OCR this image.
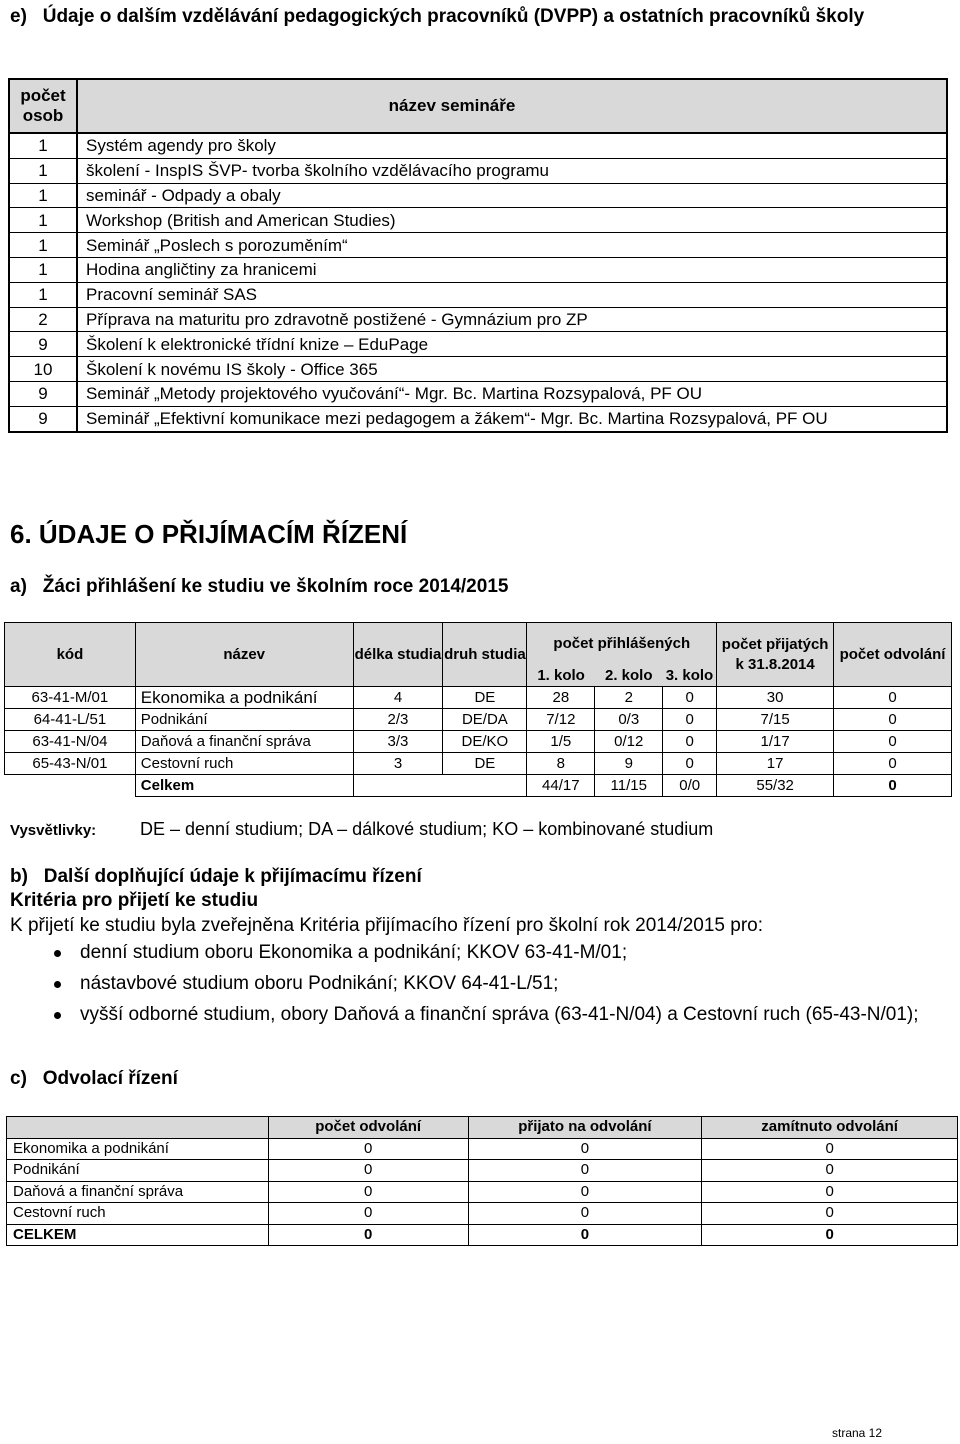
e)   Údaje o dalším vzdělávání pedagogických pracovníků (DVPP) a ostatních pracovníků školy
počet osob	název semináře
1	Systém agendy pro školy
1	školení - InspIS ŠVP- tvorba školního vzdělávacího programu
1	seminář - Odpady a obaly
1	Workshop (British and American Studies)
1	Seminář „Poslech s porozuměním“
1	Hodina angličtiny za hranicemi
1	Pracovní seminář SAS
2	Příprava na maturitu pro zdravotně postižené - Gymnázium pro ZP
9	Školení k elektronické třídní knize – EduPage
10	Školení k novému IS školy - Office 365
9	Seminář „Metody projektového vyučování“- Mgr. Bc. Martina Rozsypalová, PF OU
9	Seminář „Efektivní komunikace mezi pedagogem a žákem“- Mgr. Bc. Martina Rozsypalová, PF OU
6. ÚDAJE O PŘIJÍMACÍM ŘÍZENÍ
a)   Žáci přihlášení ke studiu ve školním roce 2014/2015
kód	název	délka studia	druh studia	počet přihlášených			počet přijatých k 31.8.2014	počet odvolání
				1. kolo	2. kolo	3. kolo		
63-41-M/01	Ekonomika a podnikání	4	DE	28	2	0	30	0
64-41-L/51	Podnikání	2/3	DE/DA	7/12	0/3	0	7/15	0
63-41-N/04	Daňová a finanční správa	3/3	DE/KO	1/5	0/12	0	1/17	0
65-43-N/01	Cestovní ruch	3	DE	8	9	0	17	0
	Celkem			44/17	11/15	0/0	55/32	0
Vysvětlivky: DE – denní studium; DA – dálkové studium; KO – kombinované studium
b)   Další doplňující údaje k přijímacímu řízení
Kritéria pro přijetí ke studiu
K přijetí ke studiu byla zveřejněna Kritéria přijímacího řízení pro školní rok 2014/2015 pro:
denní studium oboru Ekonomika a podnikání; KKOV 63-41-M/01;
nástavbové studium oboru Podnikání; KKOV 64-41-L/51;
vyšší odborné studium, obory Daňová a finanční správa (63-41-N/04) a Cestovní ruch (65-43-N/01);
c)   Odvolací řízení
	počet odvolání	přijato na odvolání	zamítnuto odvolání
Ekonomika a podnikání	0	0	0
Podnikání	0	0	0
Daňová a finanční správa	0	0	0
Cestovní ruch	0	0	0
CELKEM	0	0	0
strana 12
